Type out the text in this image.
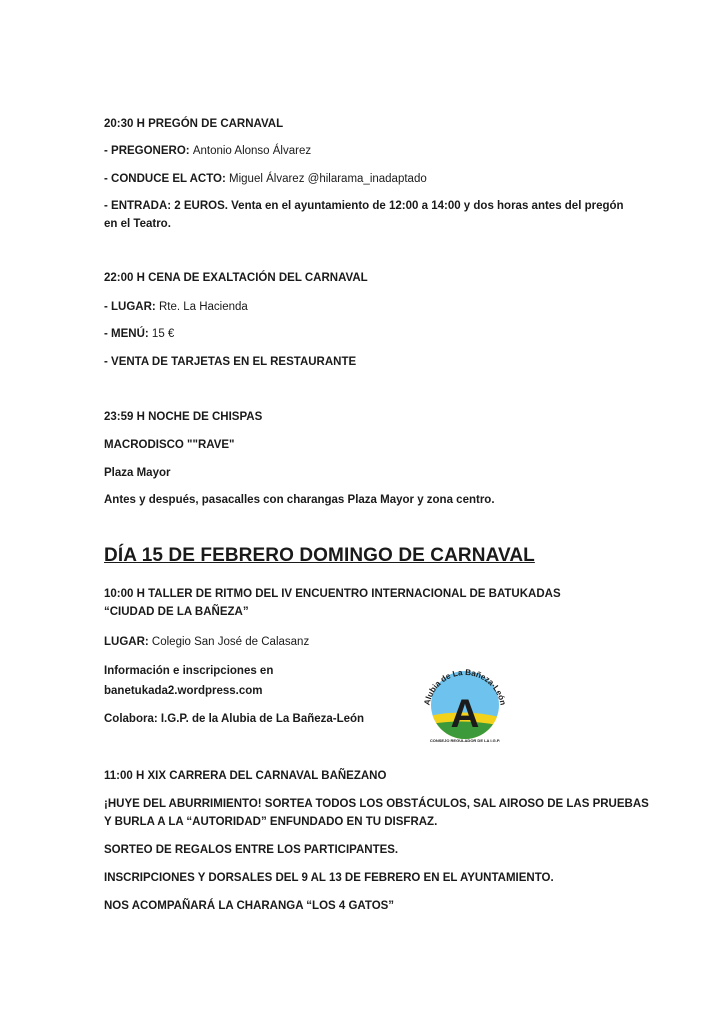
20:30 H PREGÓN DE CARNAVAL
- PREGONERO: Antonio Alonso Álvarez
- CONDUCE EL ACTO: Miguel Álvarez @hilarama_inadaptado
- ENTRADA: 2 EUROS. Venta en el ayuntamiento de 12:00 a 14:00 y dos horas antes del pregón en el Teatro.
22:00 H CENA DE EXALTACIÓN DEL CARNAVAL
- LUGAR: Rte. La Hacienda
- MENÚ: 15 €
- VENTA DE TARJETAS EN EL RESTAURANTE
23:59 H NOCHE DE CHISPAS
MACRODISCO ""RAVE"
Plaza Mayor
Antes y después, pasacalles con charangas Plaza Mayor y zona centro.
DÍA 15 DE FEBRERO DOMINGO DE CARNAVAL
10:00 H TALLER DE RITMO DEL IV ENCUENTRO INTERNACIONAL DE BATUKADAS
“CIUDAD DE LA BAÑEZA”
LUGAR: Colegio San José de Calasanz
Información e inscripciones en
banetukada2.wordpress.com
Colabora: I.G.P. de la Alubia de La Bañeza-León
Alubia de La Bañeza-León
A
CONSEJO REGULADOR DE LA I.G.P.
11:00 H XIX CARRERA DEL CARNAVAL BAÑEZANO
¡HUYE DEL ABURRIMIENTO! SORTEA TODOS LOS OBSTÁCULOS, SAL AIROSO DE LAS PRUEBAS
Y BURLA A LA “AUTORIDAD” ENFUNDADO EN TU DISFRAZ.
SORTEO DE REGALOS ENTRE LOS PARTICIPANTES.
INSCRIPCIONES Y DORSALES DEL 9 AL 13 DE FEBRERO EN EL AYUNTAMIENTO.
NOS ACOMPAÑARÁ LA CHARANGA “LOS 4 GATOS”
